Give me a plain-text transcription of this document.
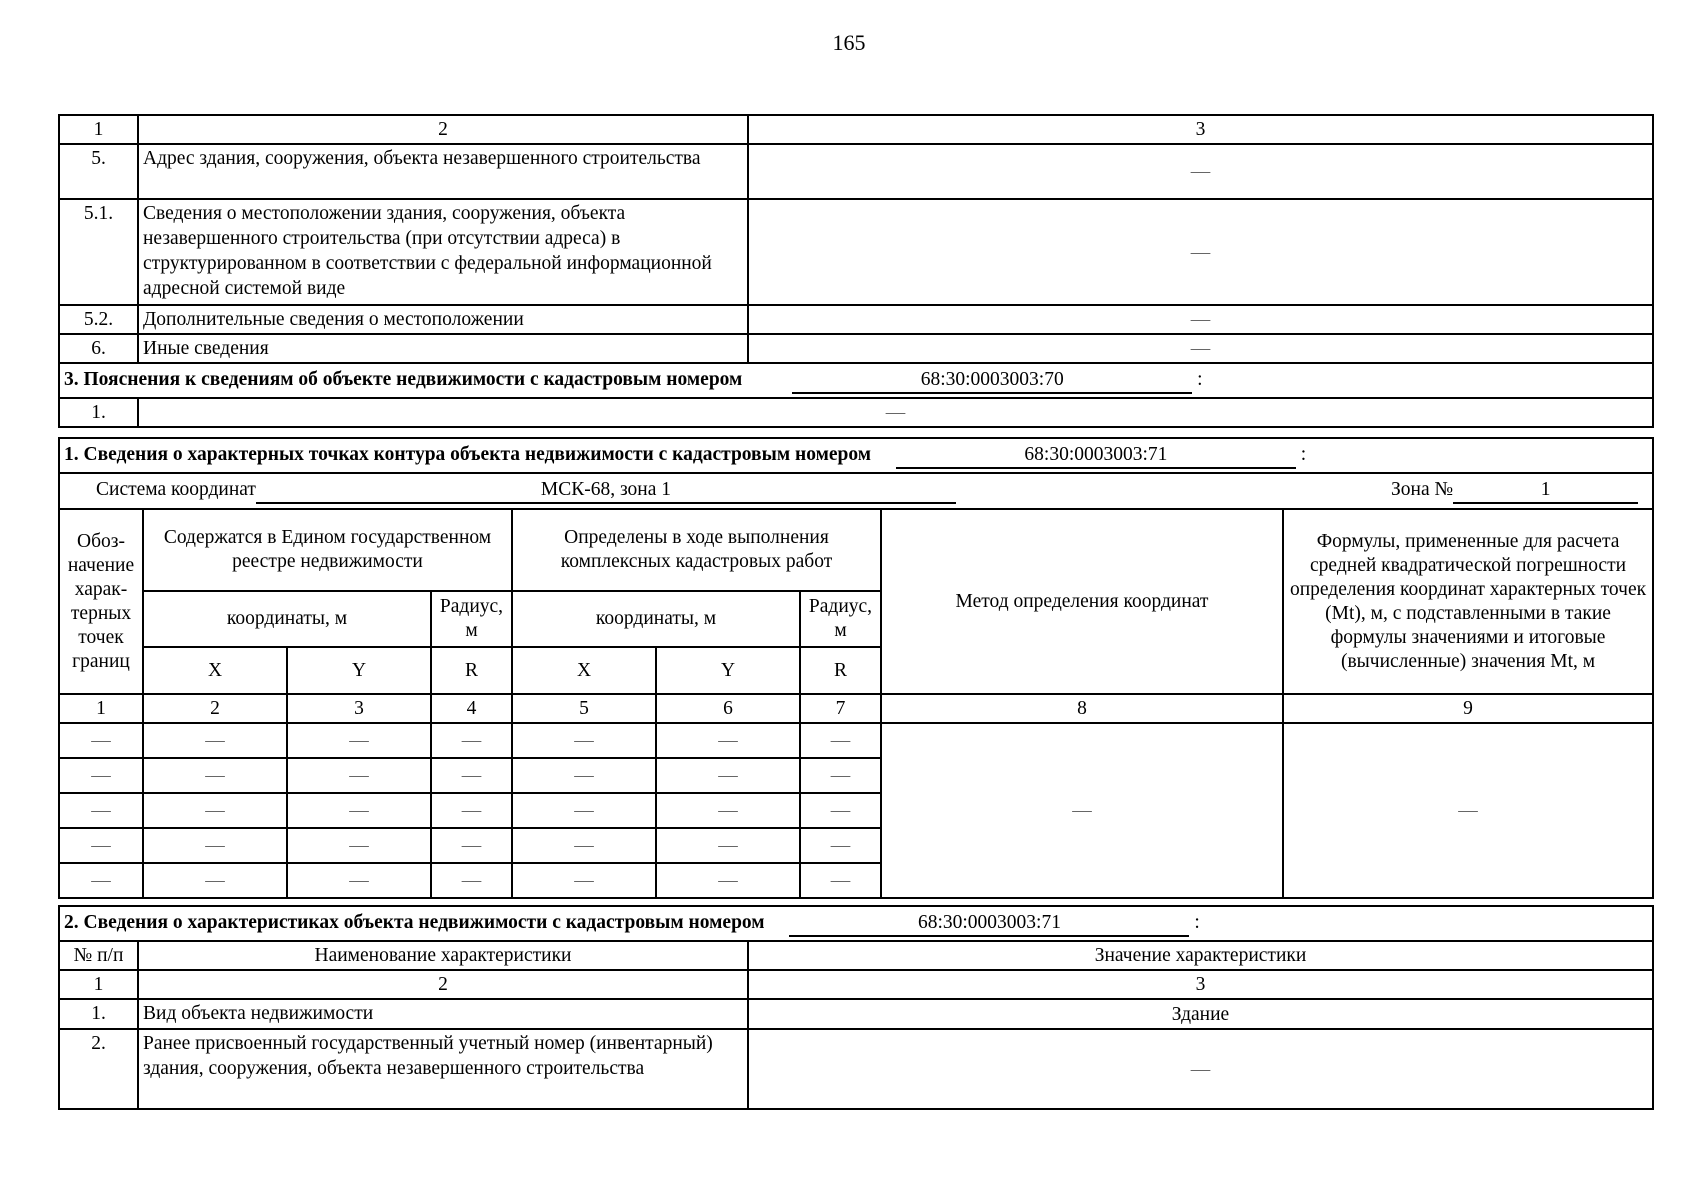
165
1	2	3
5.	Адрес здания, сооружения, объекта незавершенного строительства	—
5.1.	Сведения о местоположении здания, сооружения, объекта незавершенного строительства (при отсутствии адреса) в структурированном в соответствии с федеральной информационной адресной системой виде	—
5.2.	Дополнительные сведения о местоположении	—
6.	Иные сведения	—
3. Пояснения к сведениям об объекте недвижимости с кадастровым номером 68:30:0003003:70 :		
1.	—	
1. Сведения о характерных точках контура объекта недвижимости с кадастровым номером 68:30:0003003:71 :								

Система координат МСК-68, зона 1 Зона № 1								

Обоз-начение харак-терных точек границ	Содержатся в Едином государственном реестре недвижимости			Определены в ходе выполнения комплексных кадастровых работ			Метод определения координат	Формулы, примененные для расчета средней квадратической погрешности определения координат характерных точек (Mt), м, с подставленными в такие формулы значениями и итоговые (вычисленные) значения Mt, м
	координаты, м		Радиус, м	координаты, м		Радиус, м		
	X	Y	R	X	Y	R		
1	2	3	4	5	6	7	8	9
—	—	—	—	—	—	—	—	—
—	—	—	—	—	—	—		
—	—	—	—	—	—	—		
—	—	—	—	—	—	—		
—	—	—	—	—	—	—		
2. Сведения о характеристиках объекта недвижимости с кадастровым номером 68:30:0003003:71 :		
№ п/п	Наименование характеристики	Значение характеристики
1	2	3
1.	Вид объекта недвижимости	Здание
2.	Ранее присвоенный государственный учетный номер (инвентарный) здания, сооружения, объекта незавершенного строительства	—
